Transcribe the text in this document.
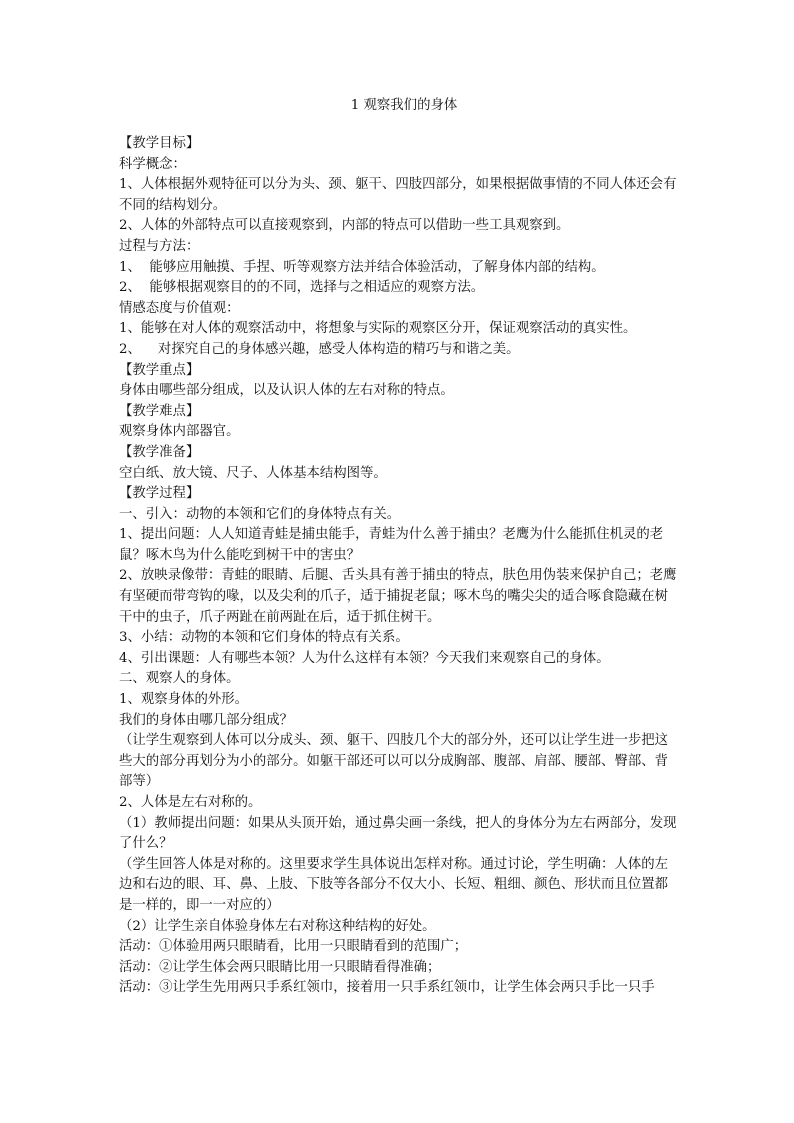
1 观察我们的身体

【教学目标】

科学概念：

1、人体根据外观特征可以分为头、颈、躯干、四肢四部分，如果根据做事情的不同人体还会有不同的结构划分。

2、人体的外部特点可以直接观察到，内部的特点可以借助一些工具观察到。

过程与方法：

1、  能够应用触摸、手捏、听等观察方法并结合体验活动，了解身体内部的结构。

2、  能够根据观察目的的不同，选择与之相适应的观察方法。

情感态度与价值观：

1、能够在对人体的观察活动中，将想象与实际的观察区分开，保证观察活动的真实性。

2、    对探究自己的身体感兴趣，感受人体构造的精巧与和谐之美。

【教学重点】

身体由哪些部分组成，以及认识人体的左右对称的特点。

【教学难点】

观察身体内部器官。

【教学准备】

空白纸、放大镜、尺子、人体基本结构图等。

【教学过程】

一、引入：动物的本领和它们的身体特点有关。

1、提出问题：人人知道青蛙是捕虫能手，青蛙为什么善于捕虫？老鹰为什么能抓住机灵的老鼠？啄木鸟为什么能吃到树干中的害虫？

2、放映录像带：青蛙的眼睛、后腿、舌头具有善于捕虫的特点，肤色用伪装来保护自己；老鹰有坚硬而带弯钩的喙，以及尖利的爪子，适于捕捉老鼠；啄木鸟的嘴尖尖的适合啄食隐藏在树干中的虫子，爪子两趾在前两趾在后，适于抓住树干。

3、小结：动物的本领和它们身体的特点有关系。

4、引出课题：人有哪些本领？人为什么这样有本领？今天我们来观察自己的身体。

二、观察人的身体。

1、观察身体的外形。

我们的身体由哪几部分组成？

（让学生观察到人体可以分成头、颈、躯干、四肢几个大的部分外，还可以让学生进一步把这些大的部分再划分为小的部分。如躯干部还可以可以分成胸部、腹部、肩部、腰部、臀部、背部等）

2、人体是左右对称的。

（1）教师提出问题：如果从头顶开始，通过鼻尖画一条线，把人的身体分为左右两部分，发现了什么？

（学生回答人体是对称的。这里要求学生具体说出怎样对称。通过讨论，学生明确：人体的左边和右边的眼、耳、鼻、上肢、下肢等各部分不仅大小、长短、粗细、颜色、形状而且位置都是一样的，即一一对应的）

（2）让学生亲自体验身体左右对称这种结构的好处。

活动：①体验用两只眼睛看，比用一只眼睛看到的范围广；

活动：②让学生体会两只眼睛比用一只眼睛看得准确；

活动：③让学生先用两只手系红领巾，接着用一只手系红领巾，让学生体会两只手比一只手
